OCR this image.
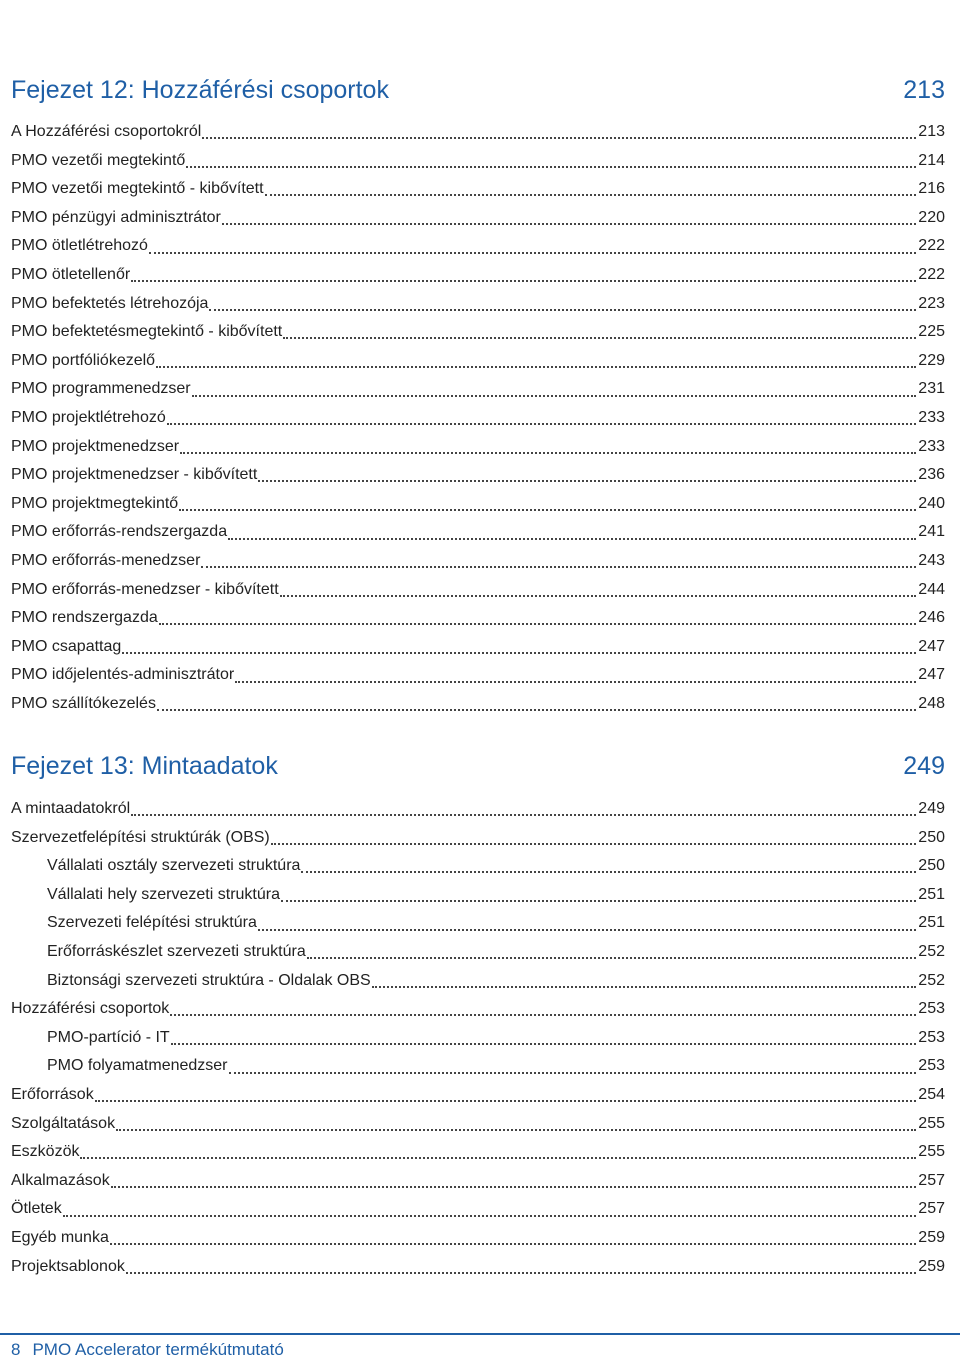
Fejezet 12: Hozzáférési csoportok	213
A Hozzáférési csoportokról	213
PMO vezetői megtekintő	214
PMO vezetői megtekintő - kibővített	216
PMO pénzügyi adminisztrátor	220
PMO ötletlétrehozó	222
PMO ötletellenőr	222
PMO befektetés létrehozója	223
PMO befektetésmegtekintő - kibővített	225
PMO portfóliókezelő	229
PMO programmenedzser	231
PMO projektlétrehozó	233
PMO projektmenedzser	233
PMO projektmenedzser - kibővített	236
PMO projektmegtekintő	240
PMO erőforrás-rendszergazda	241
PMO erőforrás-menedzser	243
PMO erőforrás-menedzser - kibővített	244
PMO rendszergazda	246
PMO csapattag	247
PMO időjelentés-adminisztrátor	247
PMO szállítókezelés	248
Fejezet 13: Mintaadatok	249
A mintaadatokról	249
Szervezetfelépítési struktúrák (OBS)	250
Vállalati osztály szervezeti struktúra	250
Vállalati hely szervezeti struktúra	251
Szervezeti felépítési struktúra	251
Erőforráskészlet szervezeti struktúra	252
Biztonsági szervezeti struktúra - Oldalak OBS	252
Hozzáférési csoportok	253
PMO-partíció - IT	253
PMO folyamatmenedzser	253
Erőforrások	254
Szolgáltatások	255
Eszközök	255
Alkalmazások	257
Ötletek	257
Egyéb munka	259
Projektsablonok	259
8 PMO Accelerator termékútmutató
